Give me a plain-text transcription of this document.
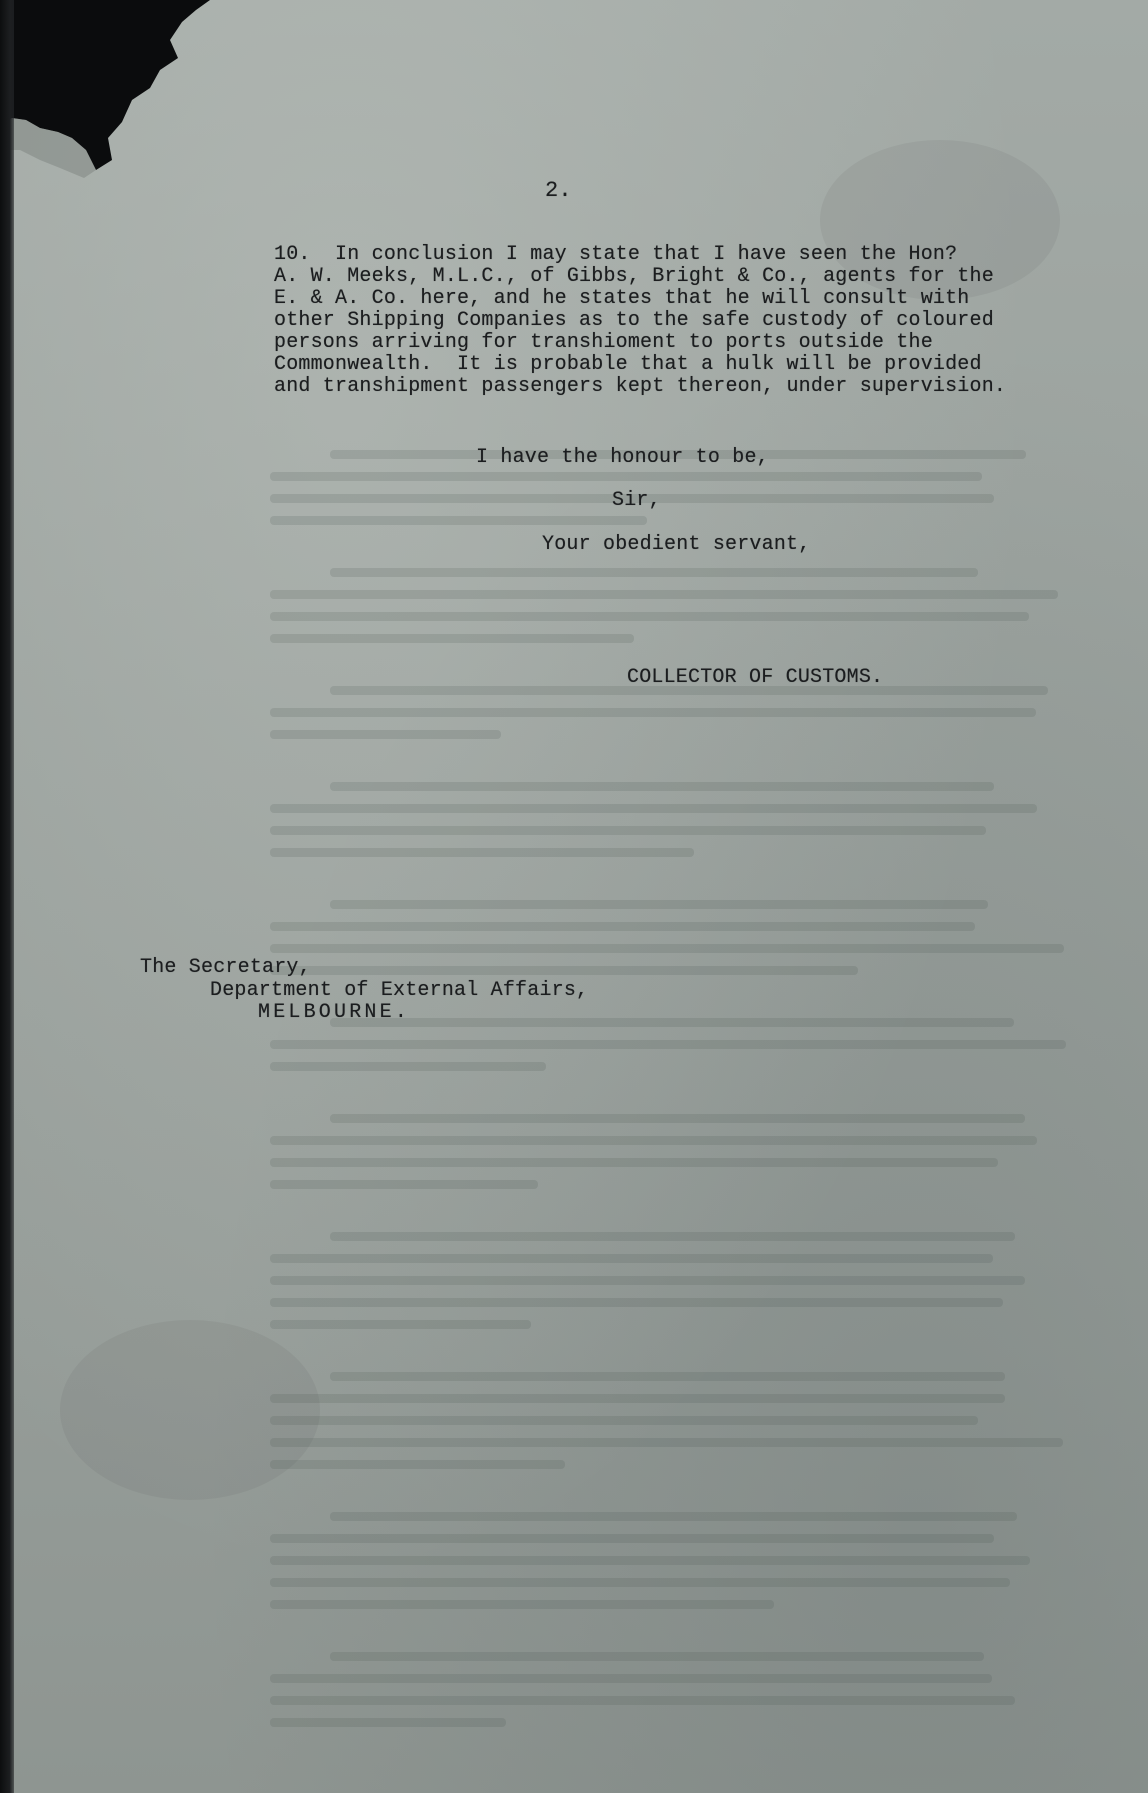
2.
10.  In conclusion I may state that I have seen the Hon?
A. W. Meeks, M.L.C., of Gibbs, Bright & Co., agents for the
E. & A. Co. here, and he states that he will consult with
other Shipping Companies as to the safe custody of coloured
persons arriving for transhioment to ports outside the
Commonwealth.  It is probable that a hulk will be provided
and transhipment passengers kept thereon, under supervision.
I have the honour to be,
Sir,
Your obedient servant,
COLLECTOR OF CUSTOMS.
The Secretary,
Department of External Affairs,
MELBOURNE.
